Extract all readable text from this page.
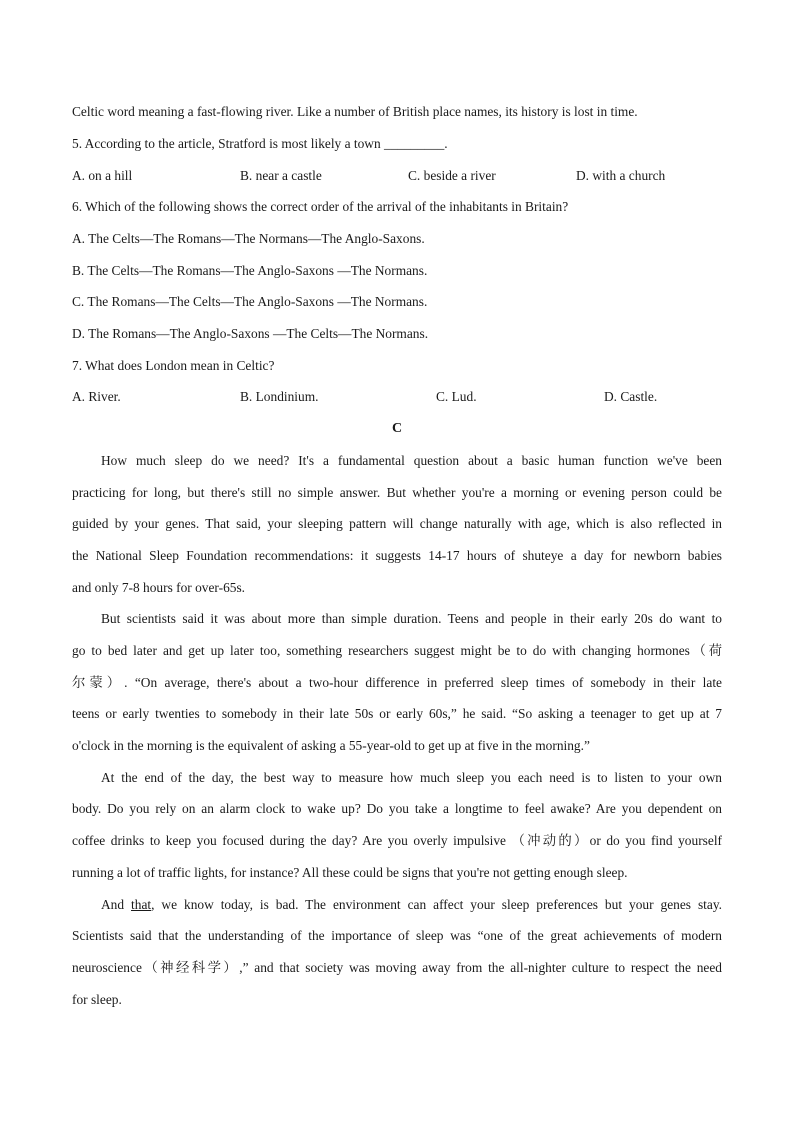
Celtic word meaning a fast-flowing river. Like a number of British place names, its history is lost in time.
5. According to the article, Stratford is most likely a town _________.
A. on a hill	B. near a castle	C. beside a river	D. with a church
6. Which of the following shows the correct order of the arrival of the inhabitants in Britain?
A. The Celts—The Romans—The Normans—The Anglo-Saxons.
B. The Celts—The Romans—The Anglo-Saxons —The Normans.
C. The Romans—The Celts—The Anglo-Saxons —The Normans.
D. The Romans—The Anglo-Saxons —The Celts—The Normans.
7. What does London mean in Celtic?
A. River.	B. Londinium.	C. Lud.	D. Castle.
C
How much sleep do we need? It's a fundamental question about a basic human function we've been
practicing for long, but there's still no simple answer. But whether you're a morning or evening person could be
guided by your genes. That said, your sleeping pattern will change naturally with age, which is also reflected in
the National Sleep Foundation recommendations: it suggests 14-17 hours of shuteye a day for newborn babies
and only 7-8 hours for over-65s.
But scientists said it was about more than simple duration. Teens and people in their early 20s do want to
go to bed later and get up later too, something researchers suggest might be to do with changing hormones（荷
尔蒙）. “On average, there's about a two-hour difference in preferred sleep times of somebody in their late
teens or early twenties to somebody in their late 50s or early 60s,” he said. “So asking a teenager to get up at 7
o'clock in the morning is the equivalent of asking a 55-year-old to get up at five in the morning.”
At the end of the day, the best way to measure how much sleep you each need is to listen to your own
body. Do you rely on an alarm clock to wake up? Do you take a longtime to feel awake? Are you dependent on
coffee drinks to keep you focused during the day? Are you overly impulsive （冲动的）or do you find yourself
running a lot of traffic lights, for instance? All these could be signs that you're not getting enough sleep.
And that, we know today, is bad. The environment can affect your sleep preferences but your genes stay.
Scientists said that the understanding of the importance of sleep was “one of the great achievements of modern
neuroscience（神经科学）,” and that society was moving away from the all-nighter culture to respect the need
for sleep.
